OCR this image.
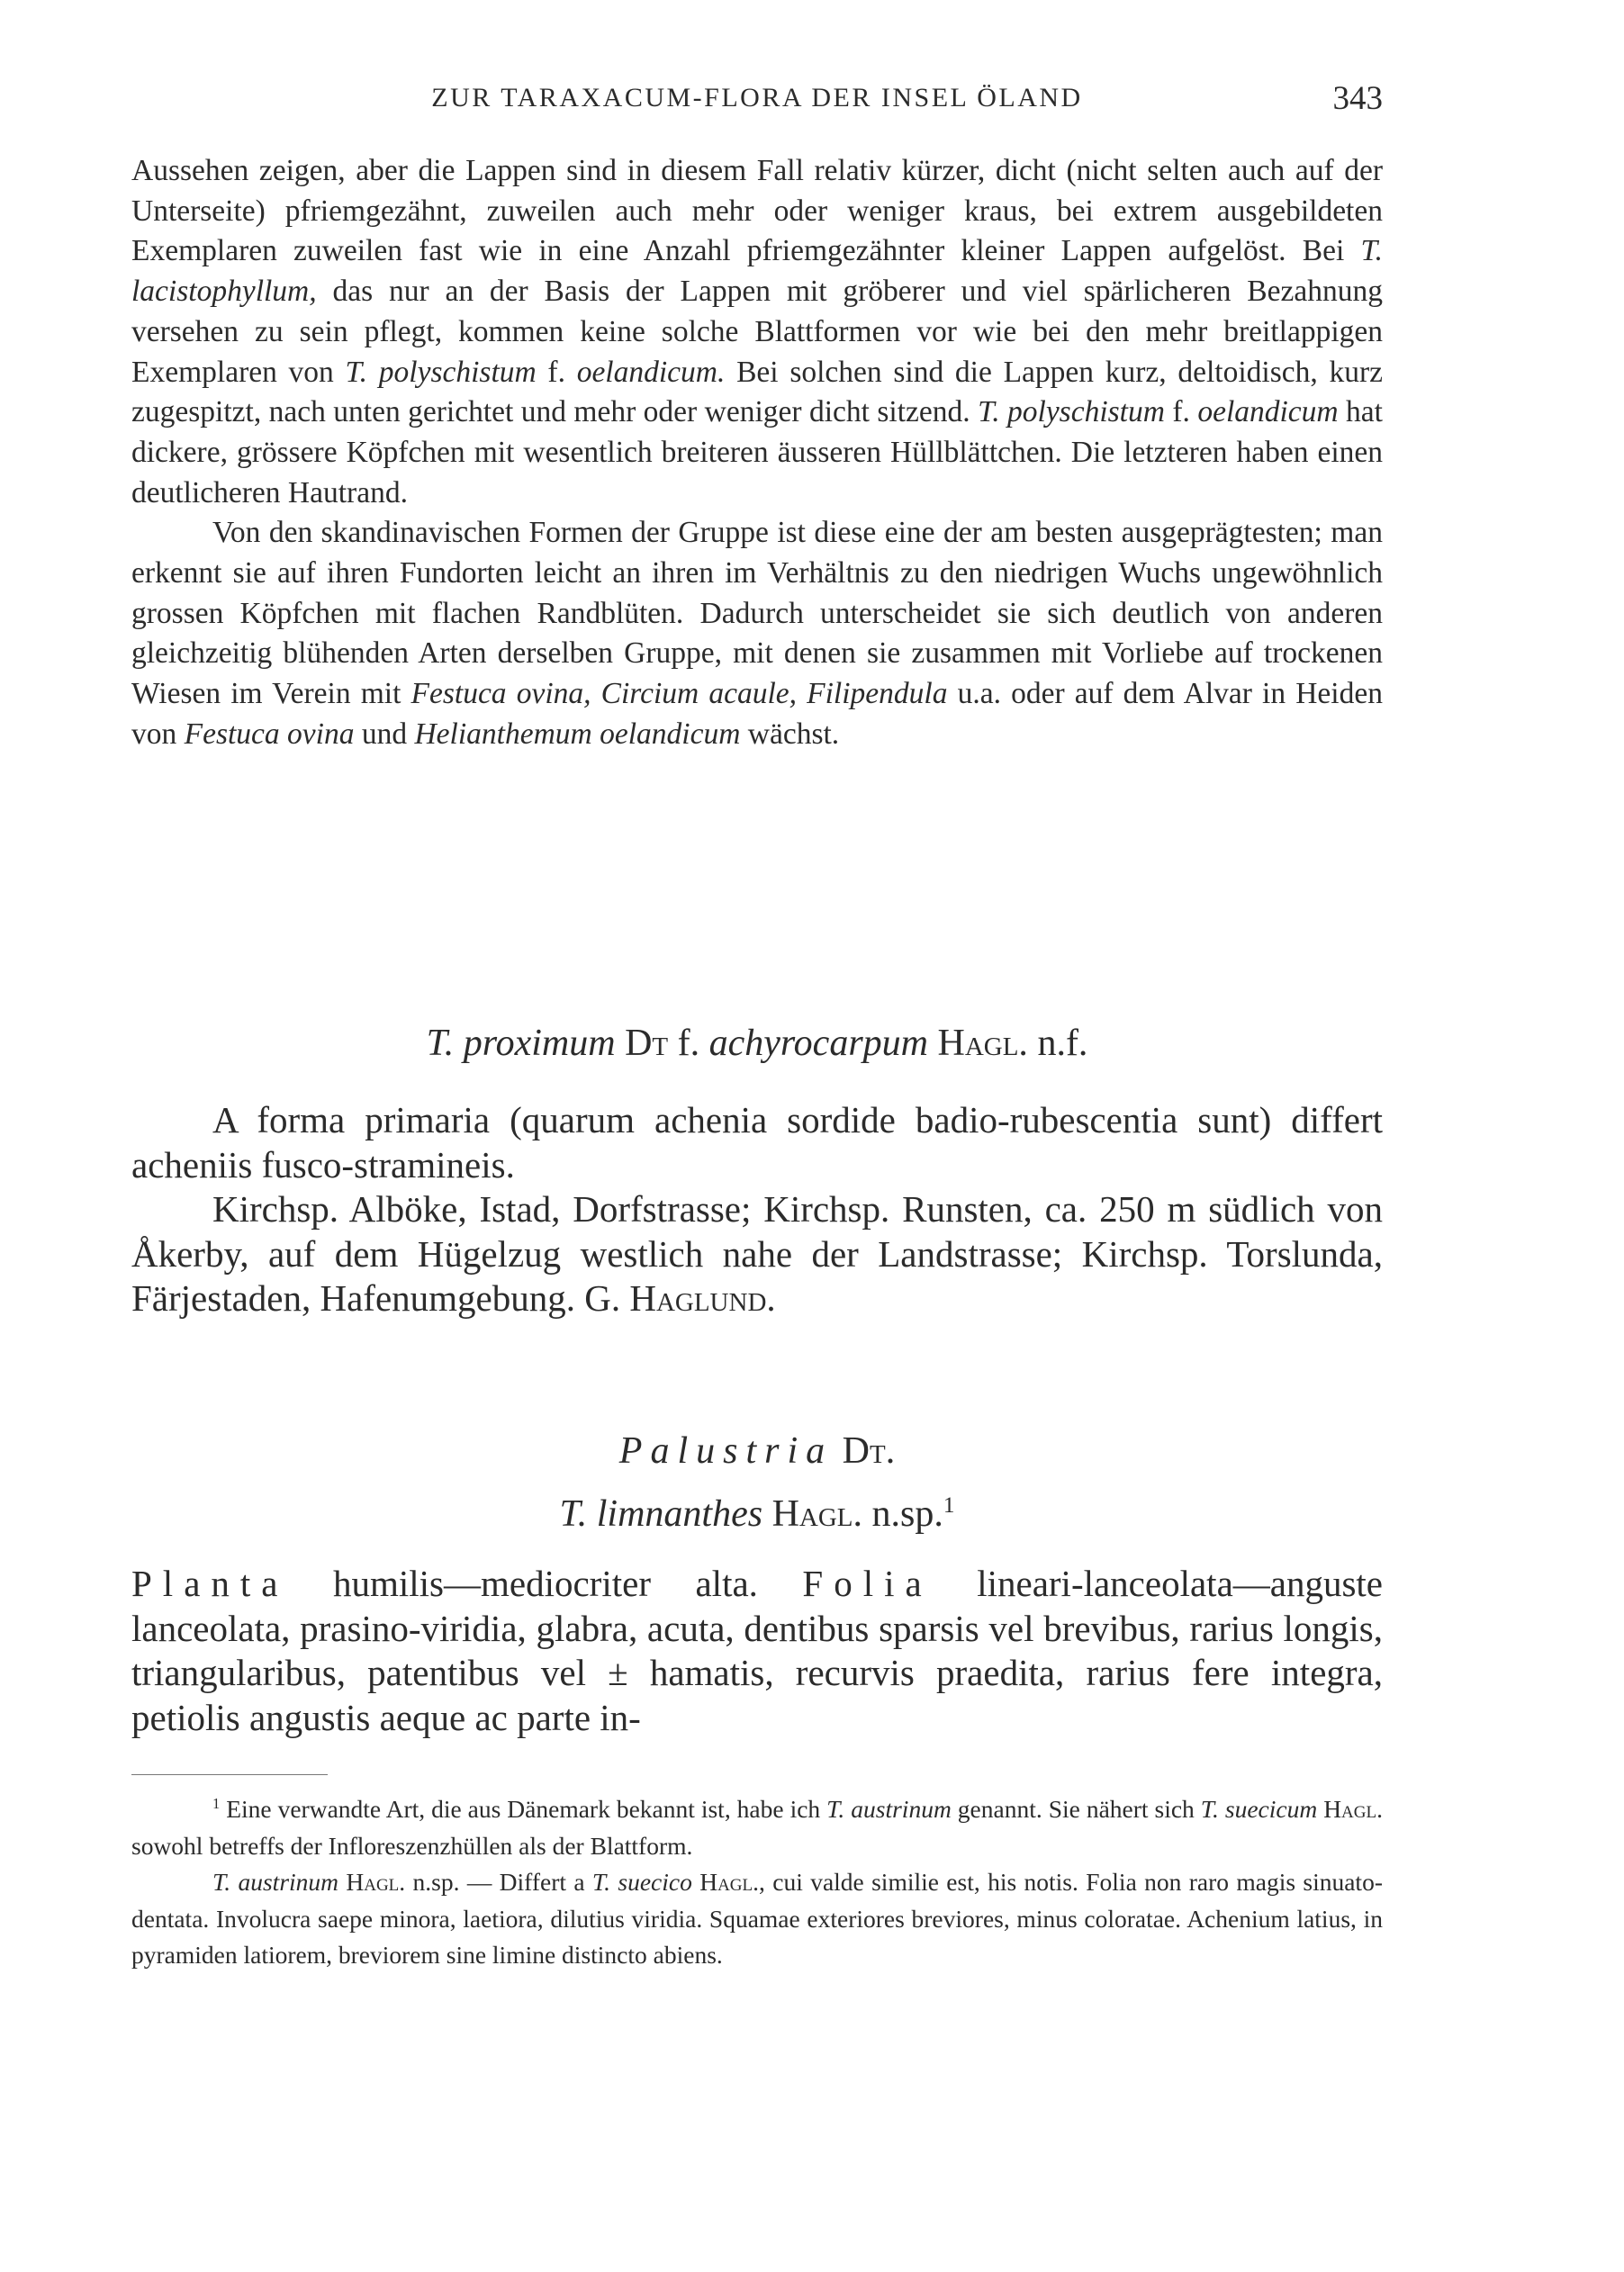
ZUR TARAXACUM-FLORA DER INSEL ÖLAND	343

Aussehen zeigen, aber die Lappen sind in diesem Fall relativ kürzer, dicht (nicht selten auch auf der Unterseite) pfriemgezähnt, zuweilen auch mehr oder weniger kraus, bei extrem ausgebildeten Exemplaren zuweilen fast wie in eine Anzahl pfriemgezähnter kleiner Lappen aufgelöst. Bei T. lacistophyllum, das nur an der Basis der Lappen mit gröberer und viel spärlicheren Bezahnung versehen zu sein pflegt, kommen keine solche Blattformen vor wie bei den mehr breitlappigen Exemplaren von T. polyschistum f. oelandicum. Bei solchen sind die Lappen kurz, deltoidisch, kurz zugespitzt, nach unten gerichtet und mehr oder weniger dicht sitzend. T. polyschistum f. oelandicum hat dickere, grössere Köpfchen mit wesentlich breiteren äusseren Hüllblättchen. Die letzteren haben einen deutlicheren Hautrand.

Von den skandinavischen Formen der Gruppe ist diese eine der am besten ausgeprägtesten; man erkennt sie auf ihren Fundorten leicht an ihren im Verhältnis zu den niedrigen Wuchs ungewöhnlich grossen Köpfchen mit flachen Randblüten. Dadurch unterscheidet sie sich deutlich von anderen gleichzeitig blühenden Arten derselben Gruppe, mit denen sie zusammen mit Vorliebe auf trockenen Wiesen im Verein mit Festuca ovina, Circium acaule, Filipendula u.a. oder auf dem Alvar in Heiden von Festuca ovina und Helianthemum oelandicum wächst.

T. proximum Dt f. achyrocarpum Hagl. n.f.

A forma primaria (quarum achenia sordide badio-rubescentia sunt) differt acheniis fusco-stramineis.

Kirchsp. Alböke, Istad, Dorfstrasse; Kirchsp. Runsten, ca. 250 m südlich von Åkerby, auf dem Hügelzug westlich nahe der Landstrasse; Kirchsp. Torslunda, Färjestaden, Hafenumgebung. G. Haglund.

Palustria Dt.
T. limnanthes Hagl. n.sp.$^1$

Planta humilis—mediocriter alta. Folia lineari-lanceolata—anguste lanceolata, prasino-viridia, glabra, acuta, dentibus sparsis vel brevibus, rarius longis, triangularibus, patentibus vel ± hamatis, recurvis praedita, rarius fere integra, petiolis angustis aeque ac parte in-

$^1$ Eine verwandte Art, die aus Dänemark bekannt ist, habe ich T. austrinum genannt. Sie nähert sich T. suecicum Hagl. sowohl betreffs der Infloreszenzhüllen als der Blattform.

T. austrinum Hagl. n.sp. — Differt a T. suecico Hagl., cui valde similie est, his notis. Folia non raro magis sinuato-dentata. Involucra saepe minora, laetiora, dilutius viridia. Squamae exteriores breviores, minus coloratae. Achenium latius, in pyramiden latiorem, breviorem sine limine distincto abiens.
